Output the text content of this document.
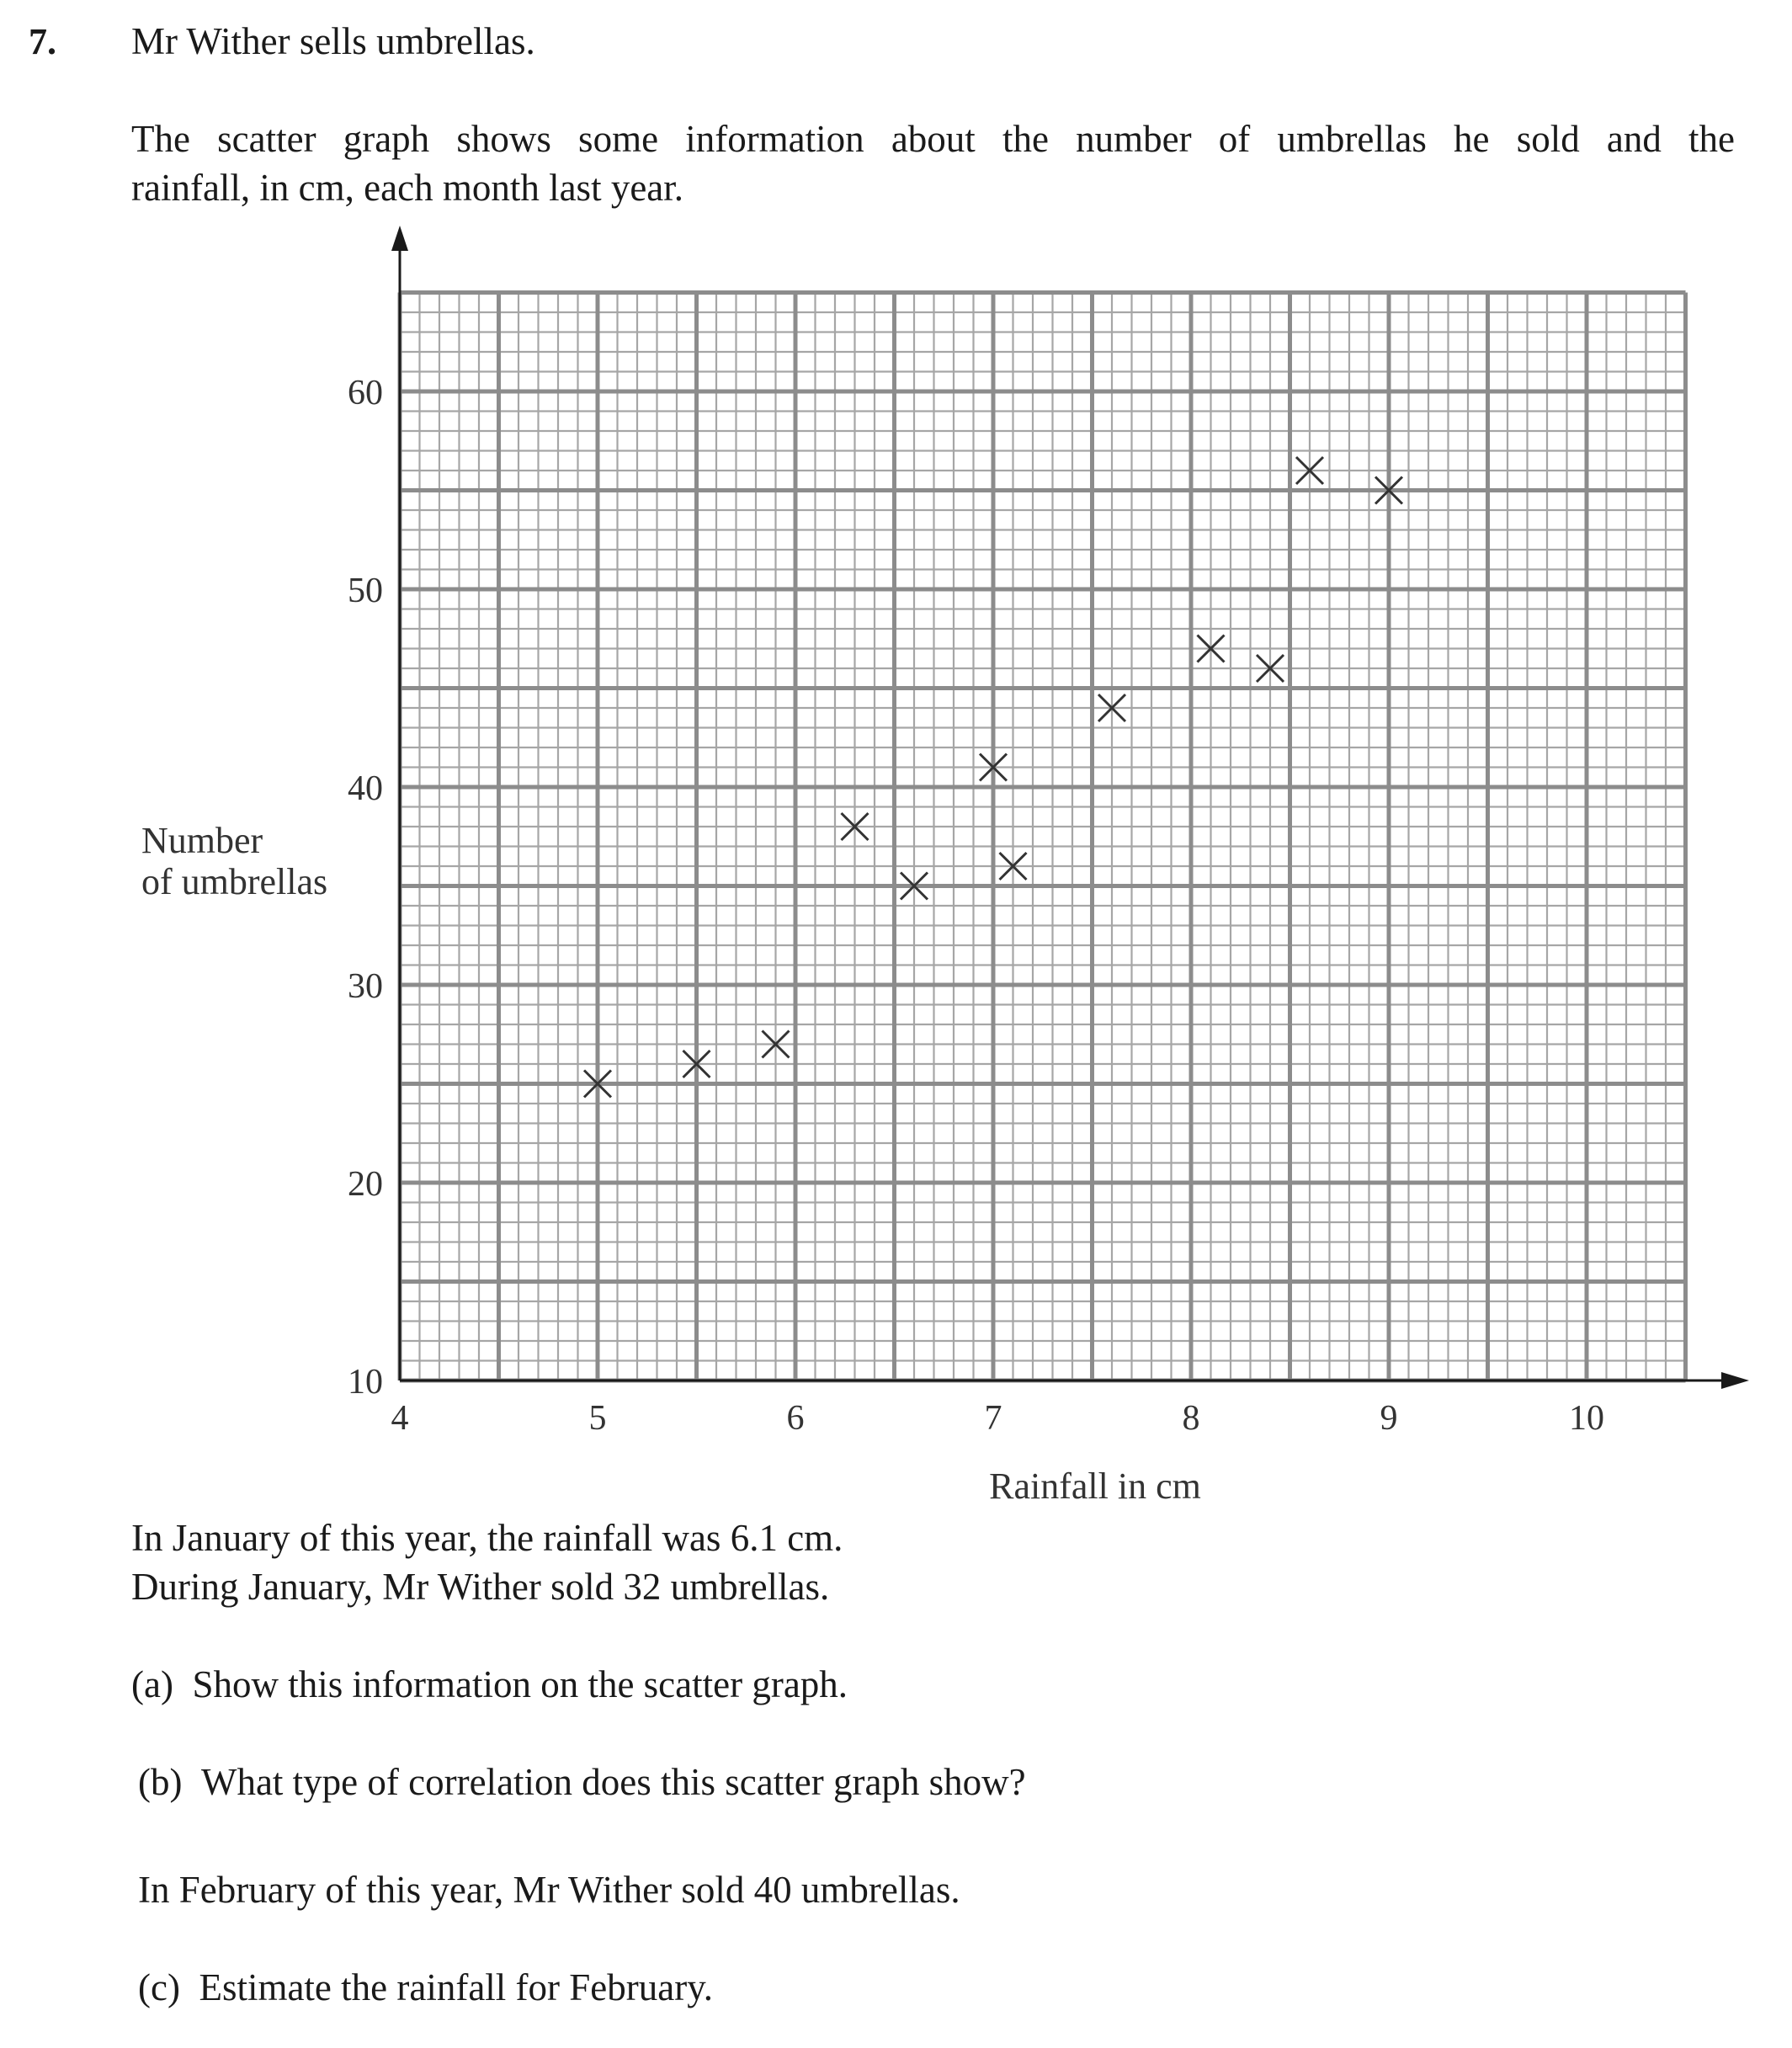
7. Mr Wither sells umbrellas.
The scatter graph shows some information about the number of umbrellas he sold and the
rainfall, in cm, each month last year.
10
20
30
40
50
60
4	5	6	7	8	9	10
Number
of umbrellas
Rainfall in cm
In January of this year, the rainfall was 6.1 cm.
During January, Mr Wither sold 32 umbrellas.
(a) Show this information on the scatter graph.
(b) What type of correlation does this scatter graph show?
In February of this year, Mr Wither sold 40 umbrellas.
(c) Estimate the rainfall for February.
